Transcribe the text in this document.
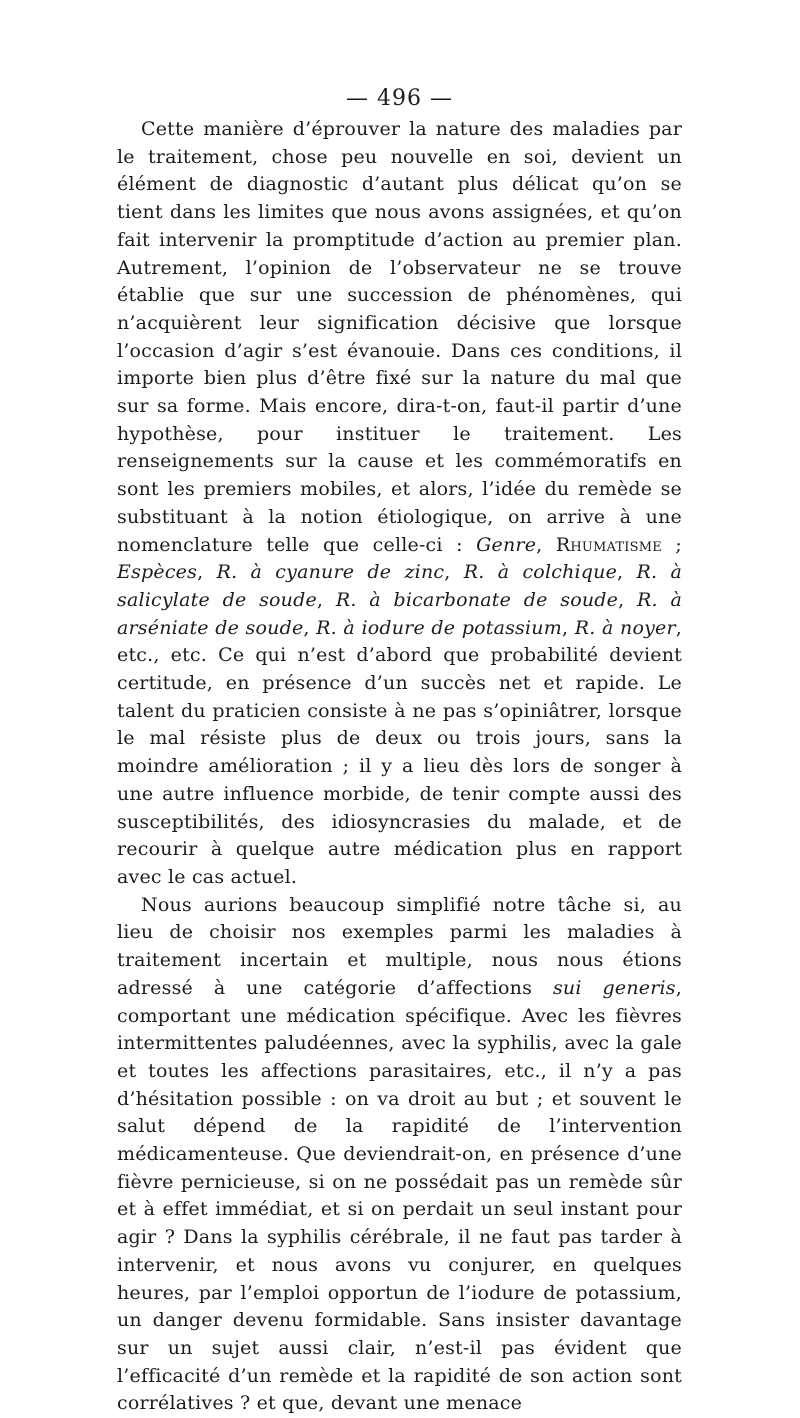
— 496 —

Cette manière d’éprouver la nature des maladies par le traitement, chose peu nouvelle en soi, devient un élément de diagnostic d’autant plus délicat qu’on se tient dans les limites que nous avons assignées, et qu’on fait intervenir la promptitude d’action au premier plan. Autrement, l’opinion de l’observateur ne se trouve établie que sur une succession de phénomènes, qui n’acquièrent leur signification décisive que lorsque l’occasion d’agir s’est évanouie. Dans ces conditions, il importe bien plus d’être fixé sur la nature du mal que sur sa forme. Mais encore, dira-t-on, faut-il partir d’une hypothèse, pour instituer le traitement. Les renseignements sur la cause et les commémoratifs en sont les premiers mobiles, et alors, l’idée du remède se substituant à la notion étiologique, on arrive à une nomenclature telle que celle-ci : Genre, Rhumatisme ; Espèces, R. à cyanure de zinc, R. à colchique, R. à salicylate de soude, R. à bicarbonate de soude, R. à arséniate de soude, R. à iodure de potassium, R. à noyer, etc., etc. Ce qui n’est d’abord que probabilité devient certitude, en présence d’un succès net et rapide. Le talent du praticien consiste à ne pas s’opiniâtrer, lorsque le mal résiste plus de deux ou trois jours, sans la moindre amélioration ; il y a lieu dès lors de songer à une autre influence morbide, de tenir compte aussi des susceptibilités, des idiosyncrasies du malade, et de recourir à quelque autre médication plus en rapport avec le cas actuel.

Nous aurions beaucoup simplifié notre tâche si, au lieu de choisir nos exemples parmi les maladies à traitement incertain et multiple, nous nous étions adressé à une catégorie d’affections sui generis, comportant une médication spécifique. Avec les fièvres intermittentes paludéennes, avec la syphilis, avec la gale et toutes les affections parasitaires, etc., il n’y a pas d’hésitation possible : on va droit au but ; et souvent le salut dépend de la rapidité de l’intervention médicamenteuse. Que deviendrait-on, en présence d’une fièvre pernicieuse, si on ne possédait pas un remède sûr et à effet immédiat, et si on perdait un seul instant pour agir ? Dans la syphilis cérébrale, il ne faut pas tarder à intervenir, et nous avons vu conjurer, en quelques heures, par l’emploi opportun de l’iodure de potassium, un danger devenu formidable. Sans insister davantage sur un sujet aussi clair, n’est-il pas évident que l’efficacité d’un remède et la rapidité de son action sont corrélatives ? et que, devant une menace
